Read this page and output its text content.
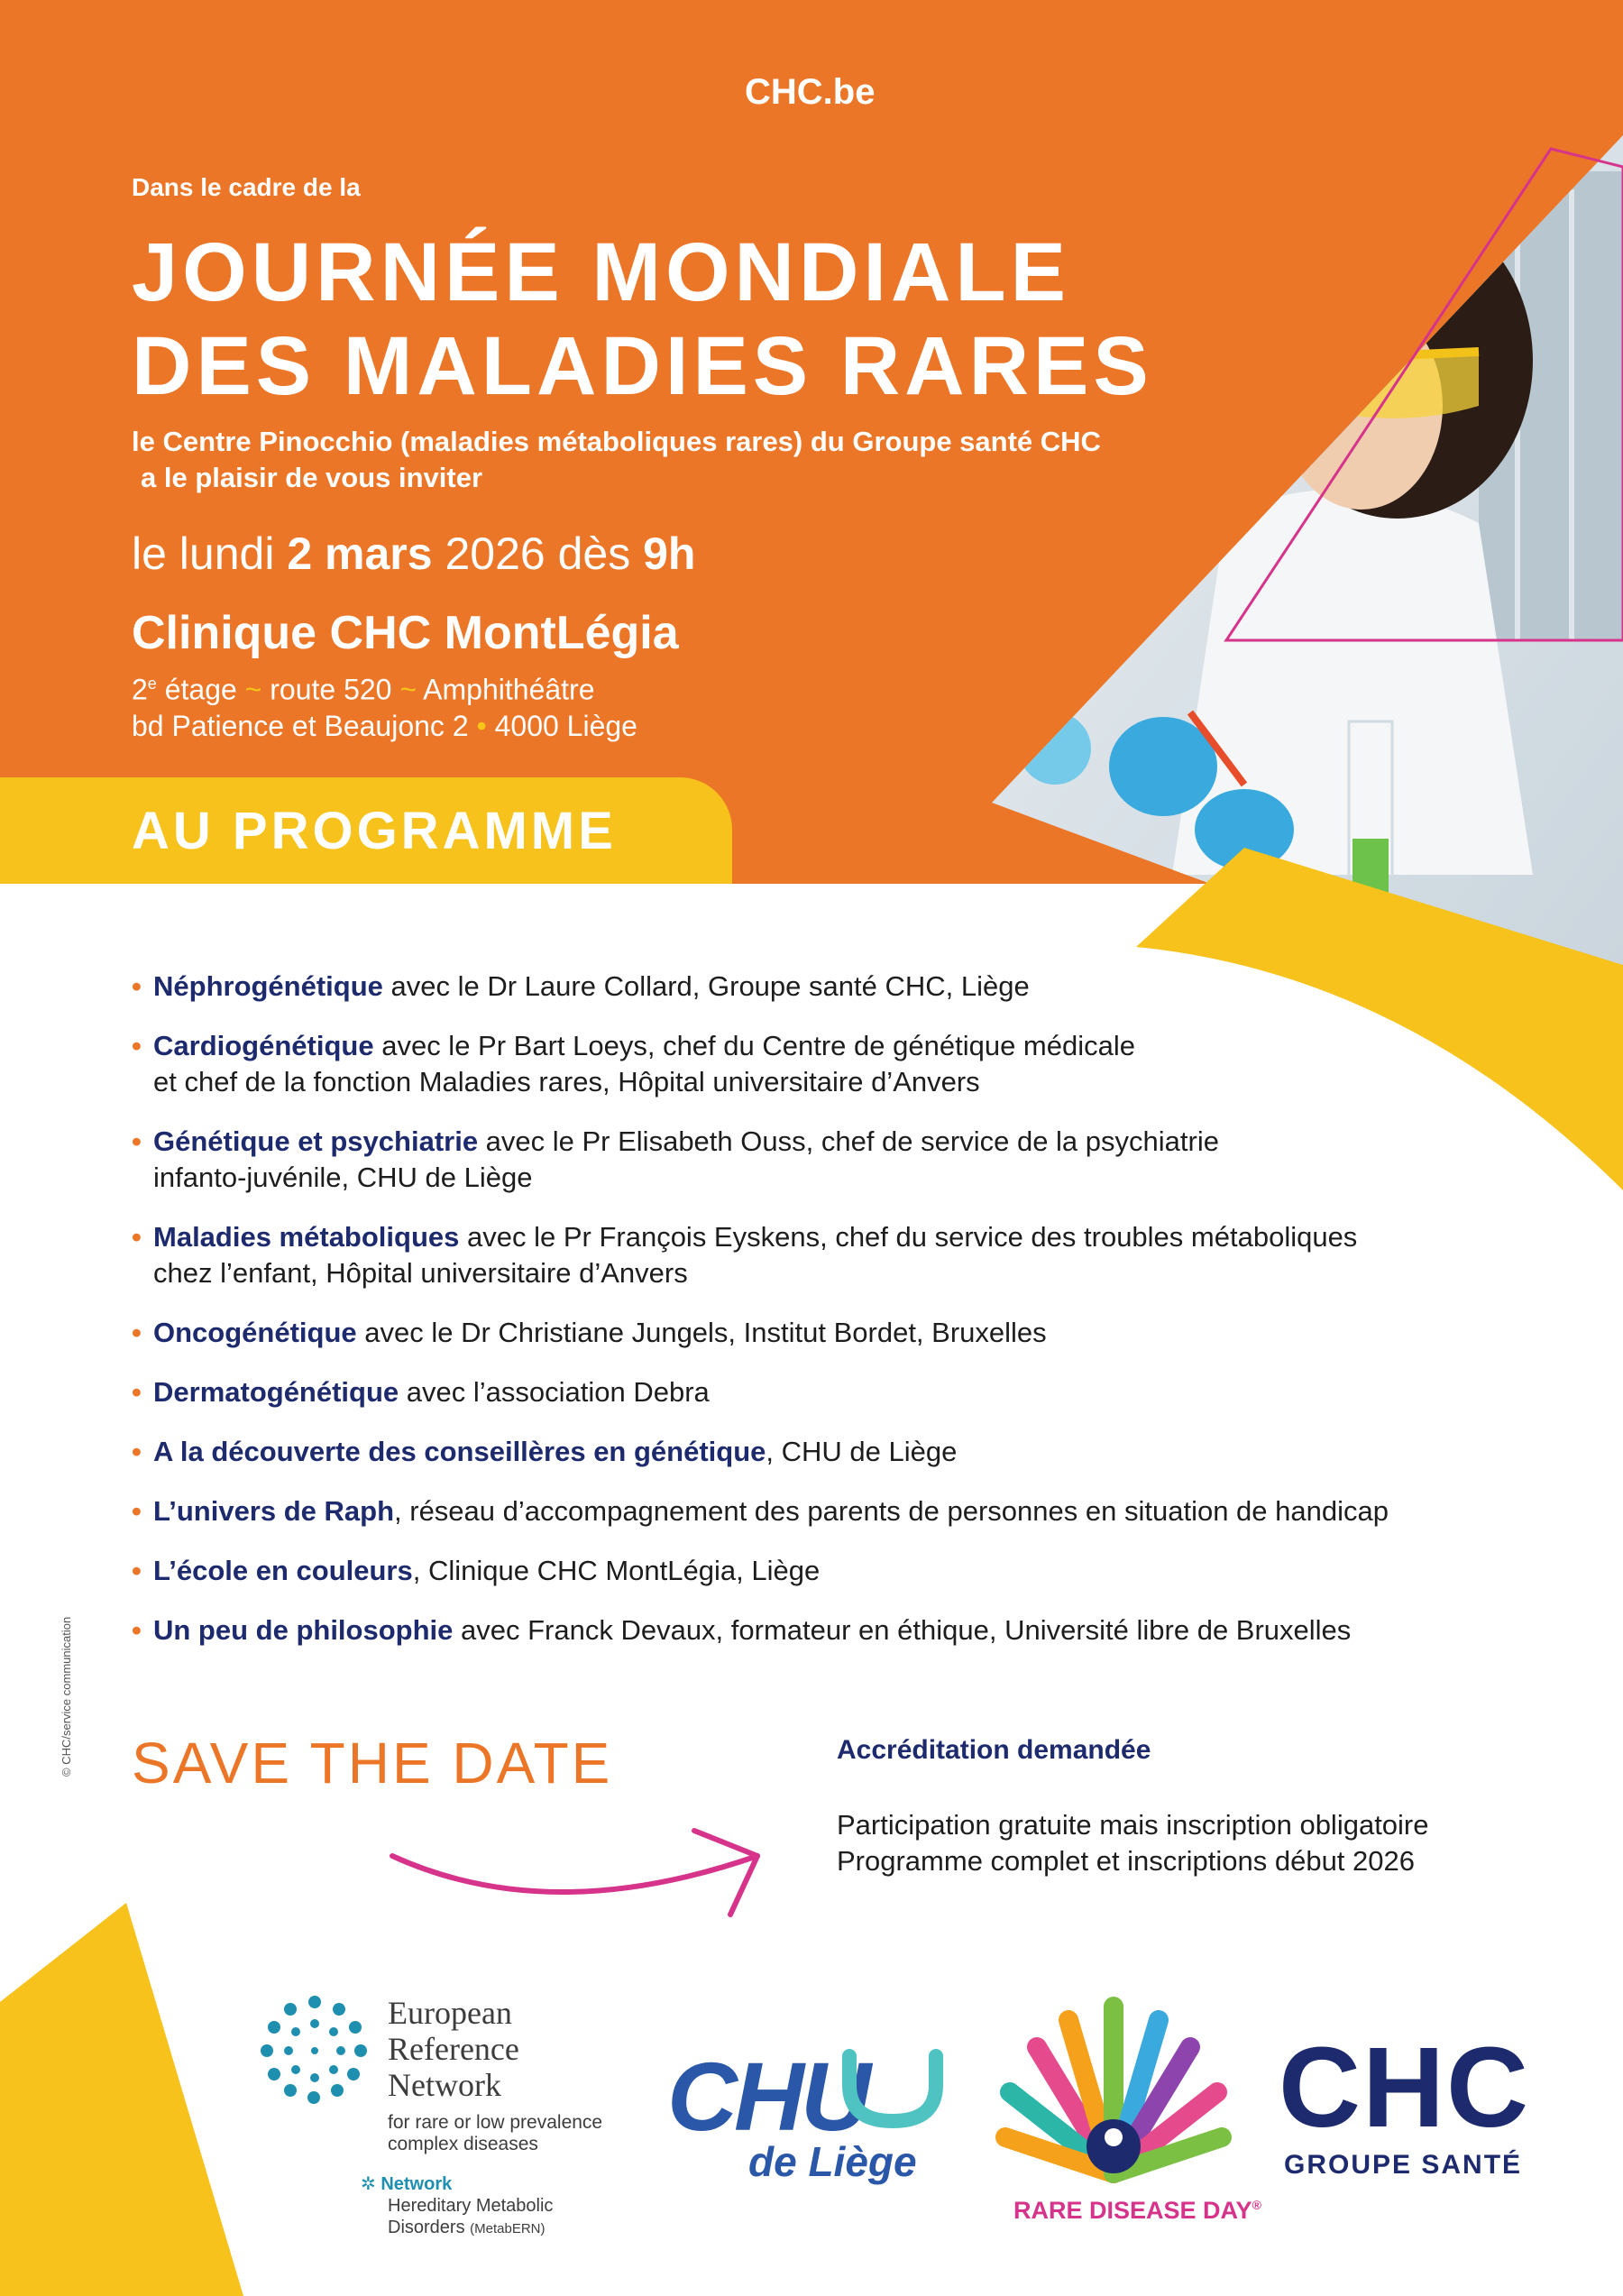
CHC.be
Dans le cadre de la
JOURNÉE MONDIALE
DES MALADIES RARES
le Centre Pinocchio (maladies métaboliques rares) du Groupe santé CHC
a le plaisir de vous inviter
le lundi 2 mars 2026 dès 9h
Clinique CHC MontLégia
2e étage ~ route 520 ~ Amphithéâtre
bd Patience et Beaujonc 2 • 4000 Liège
AU PROGRAMME
• Néphrogénétique avec le Dr Laure Collard, Groupe santé CHC, Liège
• Cardiogénétique avec le Pr Bart Loeys, chef du Centre de génétique médicale
et chef de la fonction Maladies rares, Hôpital universitaire d’Anvers
• Génétique et psychiatrie avec le Pr Elisabeth Ouss, chef de service de la psychiatrie
infanto-juvénile, CHU de Liège
• Maladies métaboliques avec le Pr François Eyskens, chef du service des troubles métaboliques
chez l’enfant, Hôpital universitaire d’Anvers
• Oncogénétique avec le Dr Christiane Jungels, Institut Bordet, Bruxelles
• Dermatogénétique avec l’association Debra
• A la découverte des conseillères en génétique, CHU de Liège
• L’univers de Raph, réseau d’accompagnement des parents de personnes en situation de handicap
• L’école en couleurs, Clinique CHC MontLégia, Liège
• Un peu de philosophie avec Franck Devaux, formateur en éthique, Université libre de Bruxelles
SAVE THE DATE	Accréditation demandée
Participation gratuite mais inscription obligatoire
Programme complet et inscriptions début 2026
© CHC/service communication
European
Reference
Network
for rare or low prevalence
complex diseases
✲ Network
Hereditary Metabolic
Disorders (MetabERN)
CHU
de Liège
RARE DISEASE DAY®
CHC
GROUPE SANTÉ
